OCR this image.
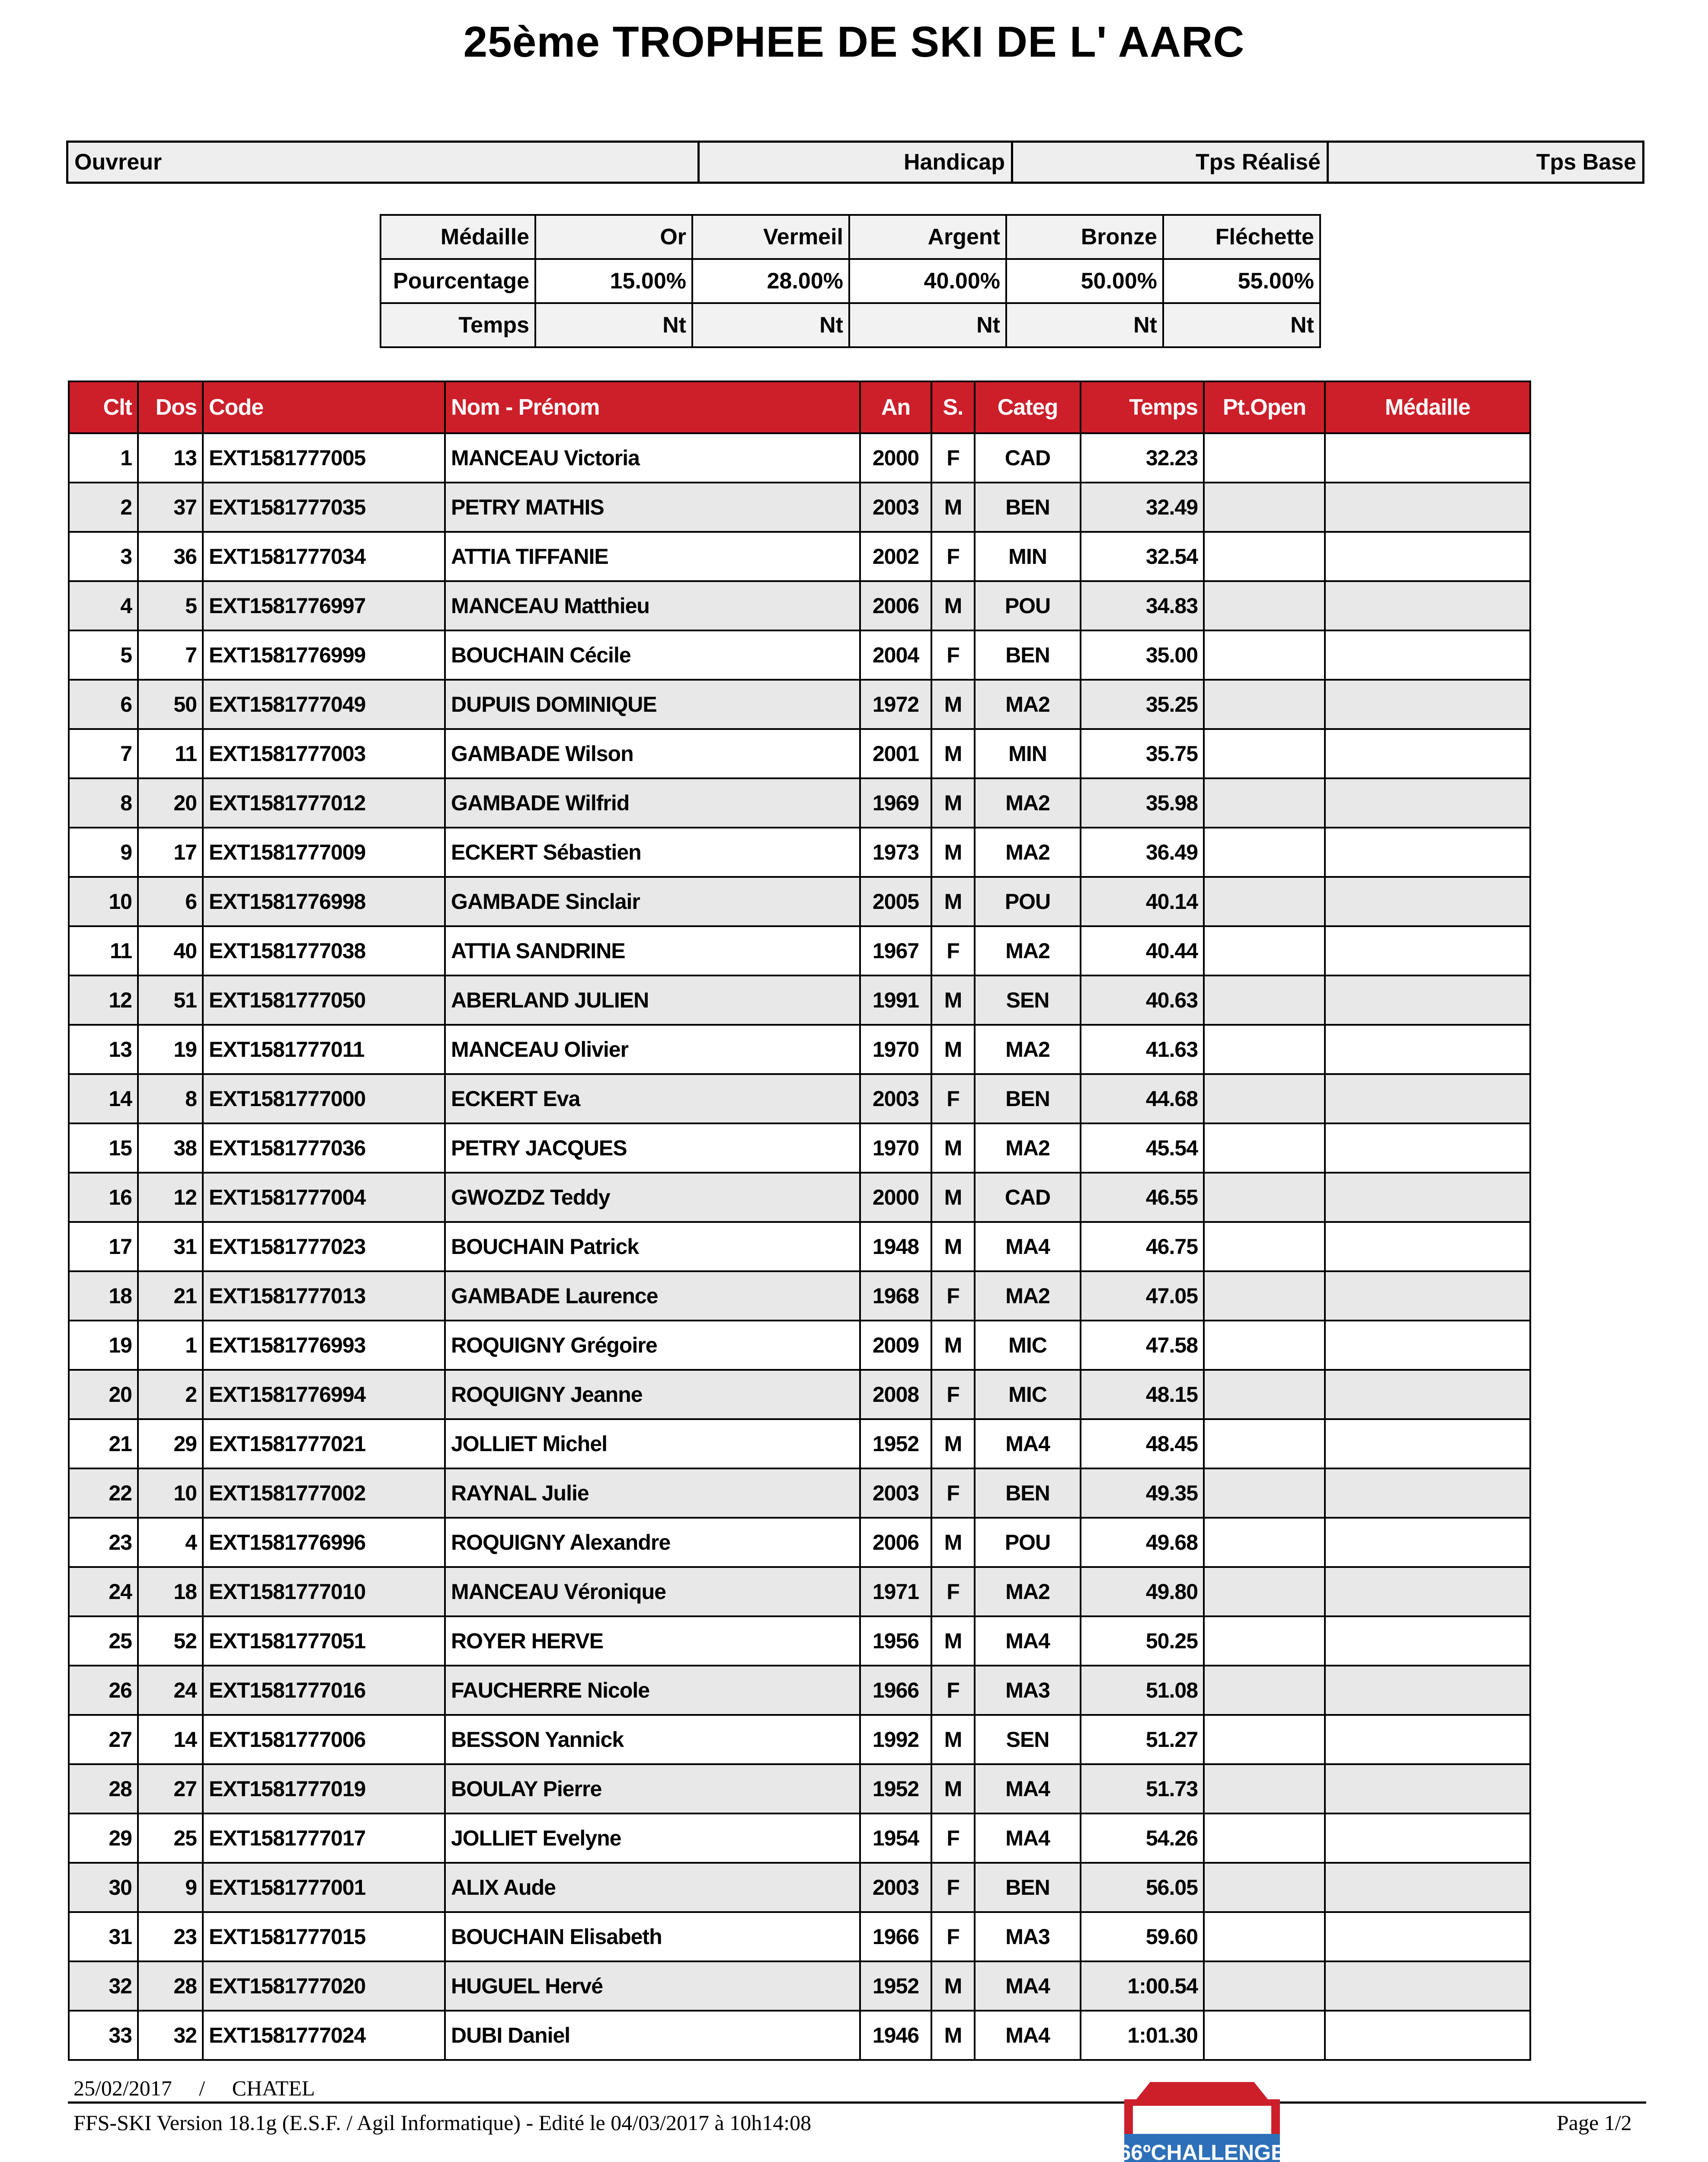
25ème TROPHEE DE SKI DE L' AARC
Ouvreur	Handicap	Tps Réalisé	Tps Base
Médaille	Or	Vermeil	Argent	Bronze	Fléchette
Pourcentage	15.00%	28.00%	40.00%	50.00%	55.00%
Temps	Nt	Nt	Nt	Nt	Nt
Clt	Dos	Code	Nom - Prénom	An	S.	Categ	Temps	Pt.Open	Médaille
1	13	EXT1581777005	MANCEAU Victoria	2000	F	CAD	32.23		
2	37	EXT1581777035	PETRY MATHIS	2003	M	BEN	32.49		
3	36	EXT1581777034	ATTIA TIFFANIE	2002	F	MIN	32.54		
4	5	EXT1581776997	MANCEAU Matthieu	2006	M	POU	34.83		
5	7	EXT1581776999	BOUCHAIN Cécile	2004	F	BEN	35.00		
6	50	EXT1581777049	DUPUIS DOMINIQUE	1972	M	MA2	35.25		
7	11	EXT1581777003	GAMBADE Wilson	2001	M	MIN	35.75		
8	20	EXT1581777012	GAMBADE Wilfrid	1969	M	MA2	35.98		
9	17	EXT1581777009	ECKERT Sébastien	1973	M	MA2	36.49		
10	6	EXT1581776998	GAMBADE Sinclair	2005	M	POU	40.14		
11	40	EXT1581777038	ATTIA SANDRINE	1967	F	MA2	40.44		
12	51	EXT1581777050	ABERLAND JULIEN	1991	M	SEN	40.63		
13	19	EXT1581777011	MANCEAU Olivier	1970	M	MA2	41.63		
14	8	EXT1581777000	ECKERT Eva	2003	F	BEN	44.68		
15	38	EXT1581777036	PETRY JACQUES	1970	M	MA2	45.54		
16	12	EXT1581777004	GWOZDZ Teddy	2000	M	CAD	46.55		
17	31	EXT1581777023	BOUCHAIN Patrick	1948	M	MA4	46.75		
18	21	EXT1581777013	GAMBADE Laurence	1968	F	MA2	47.05		
19	1	EXT1581776993	ROQUIGNY Grégoire	2009	M	MIC	47.58		
20	2	EXT1581776994	ROQUIGNY Jeanne	2008	F	MIC	48.15		
21	29	EXT1581777021	JOLLIET Michel	1952	M	MA4	48.45		
22	10	EXT1581777002	RAYNAL Julie	2003	F	BEN	49.35		
23	4	EXT1581776996	ROQUIGNY Alexandre	2006	M	POU	49.68		
24	18	EXT1581777010	MANCEAU Véronique	1971	F	MA2	49.80		
25	52	EXT1581777051	ROYER HERVE	1956	M	MA4	50.25		
26	24	EXT1581777016	FAUCHERRE Nicole	1966	F	MA3	51.08		
27	14	EXT1581777006	BESSON Yannick	1992	M	SEN	51.27		
28	27	EXT1581777019	BOULAY Pierre	1952	M	MA4	51.73		
29	25	EXT1581777017	JOLLIET Evelyne	1954	F	MA4	54.26		
30	9	EXT1581777001	ALIX Aude	2003	F	BEN	56.05		
31	23	EXT1581777015	BOUCHAIN Elisabeth	1966	F	MA3	59.60		
32	28	EXT1581777020	HUGUEL Hervé	1952	M	MA4	1:00.54		
33	32	EXT1581777024	DUBI Daniel	1946	M	MA4	1:01.30		
25/02/2017     /     CHATEL
FFS-SKI Version 18.1g (E.S.F. / Agil Informatique) - Edité le 04/03/2017 à 10h14:08	Page 1/2
66ºCHALLENGE
